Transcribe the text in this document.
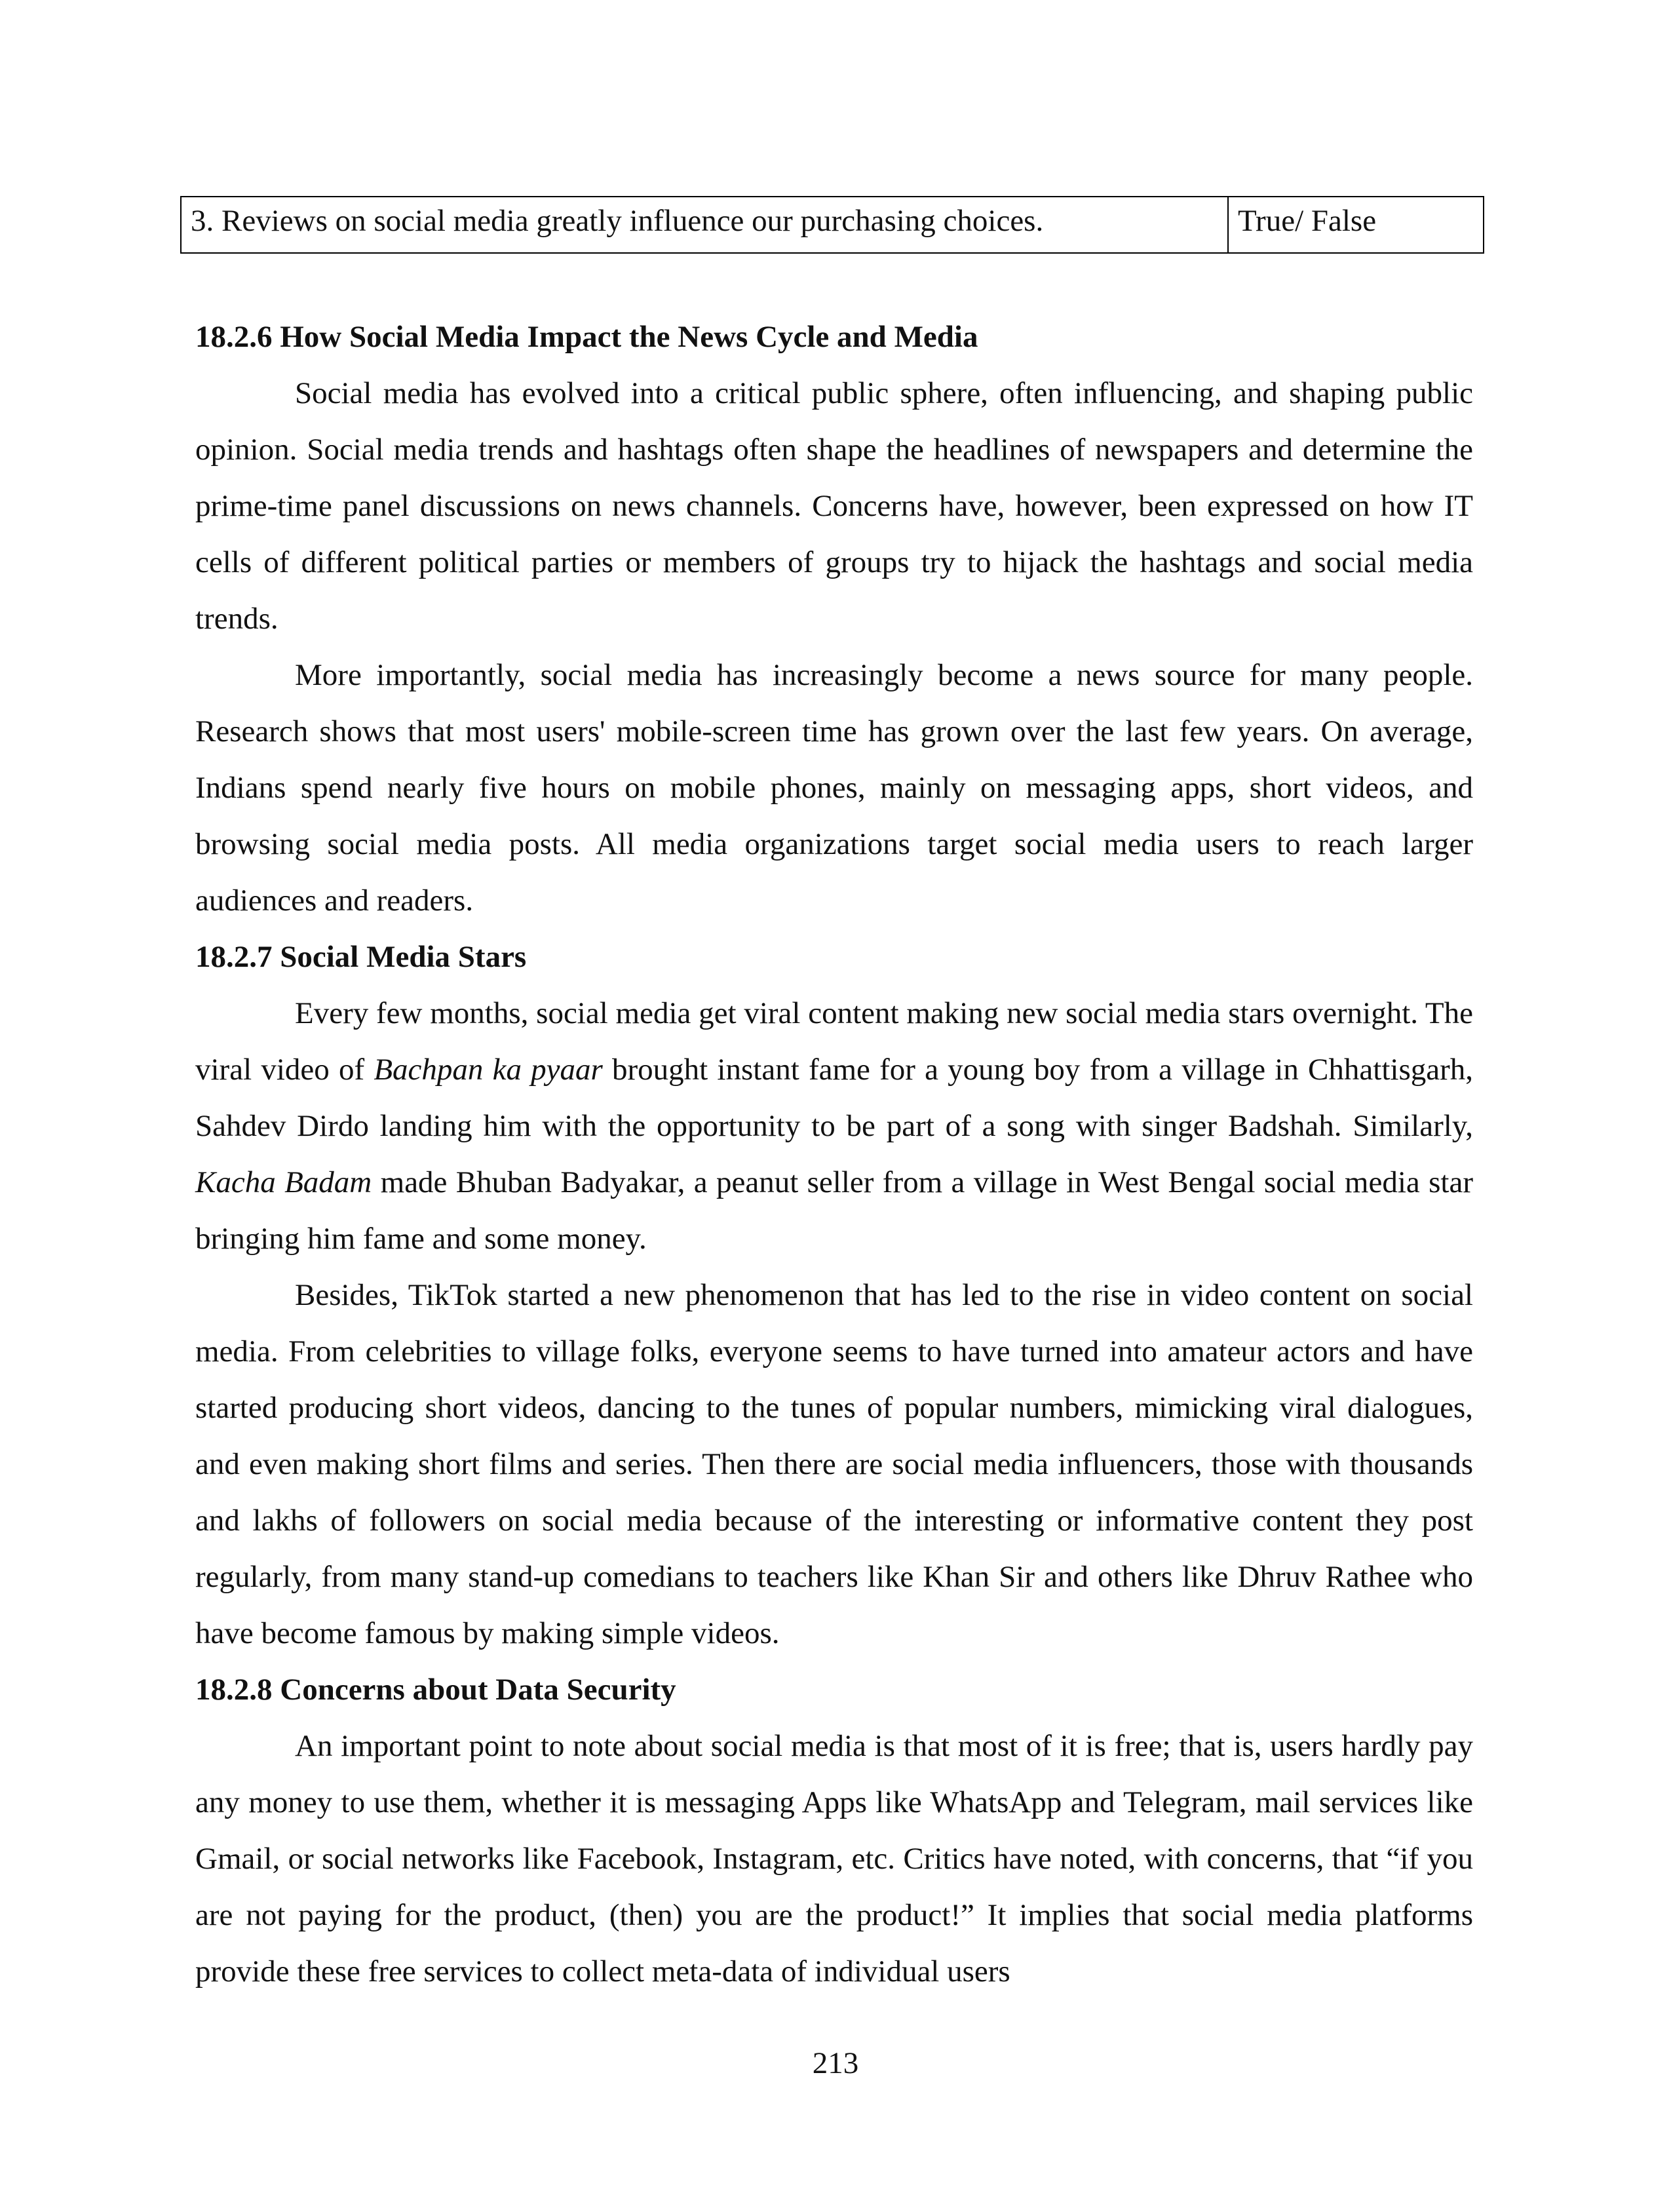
3. Reviews on social media greatly influence our purchasing choices.	True/ False
18.2.6 How Social Media Impact the News Cycle and Media

Social media has evolved into a critical public sphere, often influencing, and shaping public opinion. Social media trends and hashtags often shape the headlines of newspapers and determine the prime-time panel discussions on news channels. Concerns have, however, been expressed on how IT cells of different political parties or members of groups try to hijack the hashtags and social media trends.

More importantly, social media has increasingly become a news source for many people. Research shows that most users' mobile-screen time has grown over the last few years. On average, Indians spend nearly five hours on mobile phones, mainly on messaging apps, short videos, and browsing social media posts. All media organizations target social media users to reach larger audiences and readers.

18.2.7 Social Media Stars

Every few months, social media get viral content making new social media stars overnight. The viral video of Bachpan ka pyaar brought instant fame for a young boy from a village in Chhattisgarh, Sahdev Dirdo landing him with the opportunity to be part of a song with singer Badshah. Similarly, Kacha Badam made Bhuban Badyakar, a peanut seller from a village in West Bengal social media star bringing him fame and some money.

Besides, TikTok started a new phenomenon that has led to the rise in video content on social media. From celebrities to village folks, everyone seems to have turned into amateur actors and have started producing short videos, dancing to the tunes of popular numbers, mimicking viral dialogues, and even making short films and series. Then there are social media influencers, those with thousands and lakhs of followers on social media because of the interesting or informative content they post regularly, from many stand-up comedians to teachers like Khan Sir and others like Dhruv Rathee who have become famous by making simple videos.

18.2.8 Concerns about Data Security

An important point to note about social media is that most of it is free; that is, users hardly pay any money to use them, whether it is messaging Apps like WhatsApp and Telegram, mail services like Gmail, or social networks like Facebook, Instagram, etc. Critics have noted, with concerns, that “if you are not paying for the product, (then) you are the product!” It implies that social media platforms provide these free services to collect meta-data of individual users

213
